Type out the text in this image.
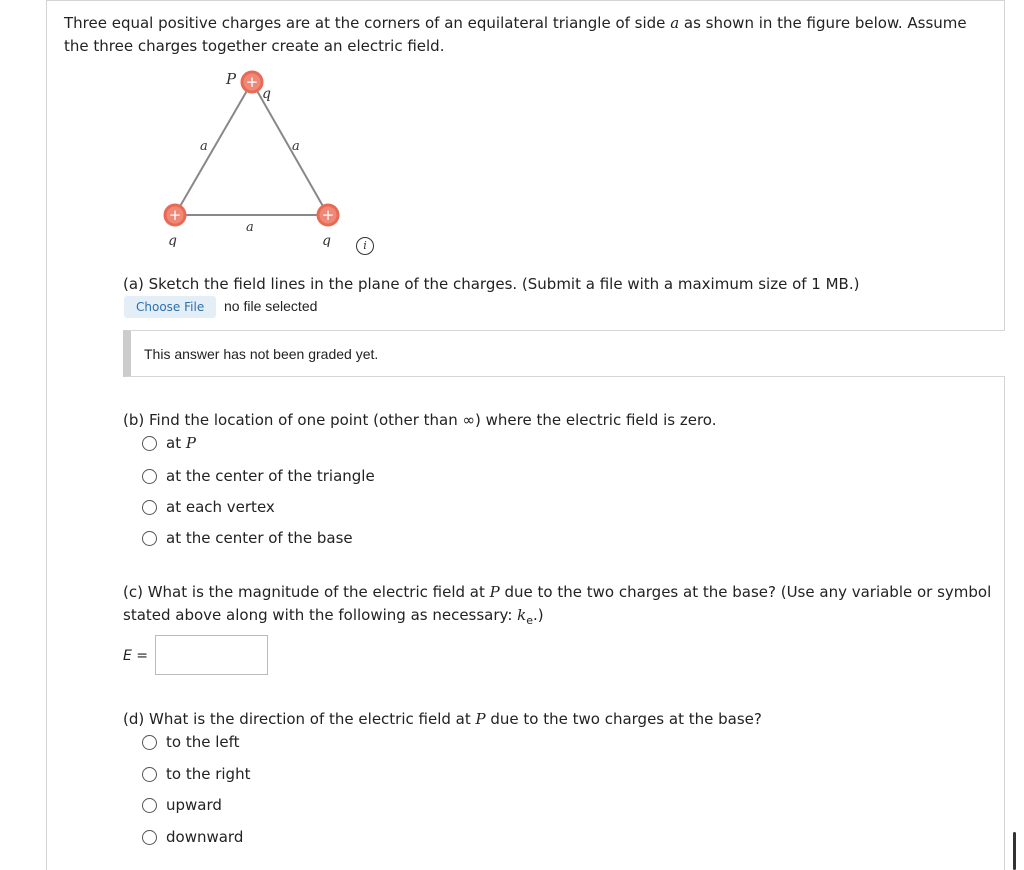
Three equal positive charges are at the corners of an equilateral triangle of side a as shown in the figure below. Assume the three charges together create an electric field.
+
+	+
P
q
q	q
a	a
a
i
(a) Sketch the field lines in the plane of the charges. (Submit a file with a maximum size of 1 MB.)
Choose File	no file selected
This answer has not been graded yet.
(b) Find the location of one point (other than ∞) where the electric field is zero.
at
P
at the center of the triangle
at each vertex
at the center of the base
(c) What is the magnitude of the electric field at P due to the two charges at the base? (Use any variable or symbol stated above along with the following as necessary: $k_e$.)
E =
(d) What is the direction of the electric field at P due to the two charges at the base?
to the left
to the right
upward
downward
